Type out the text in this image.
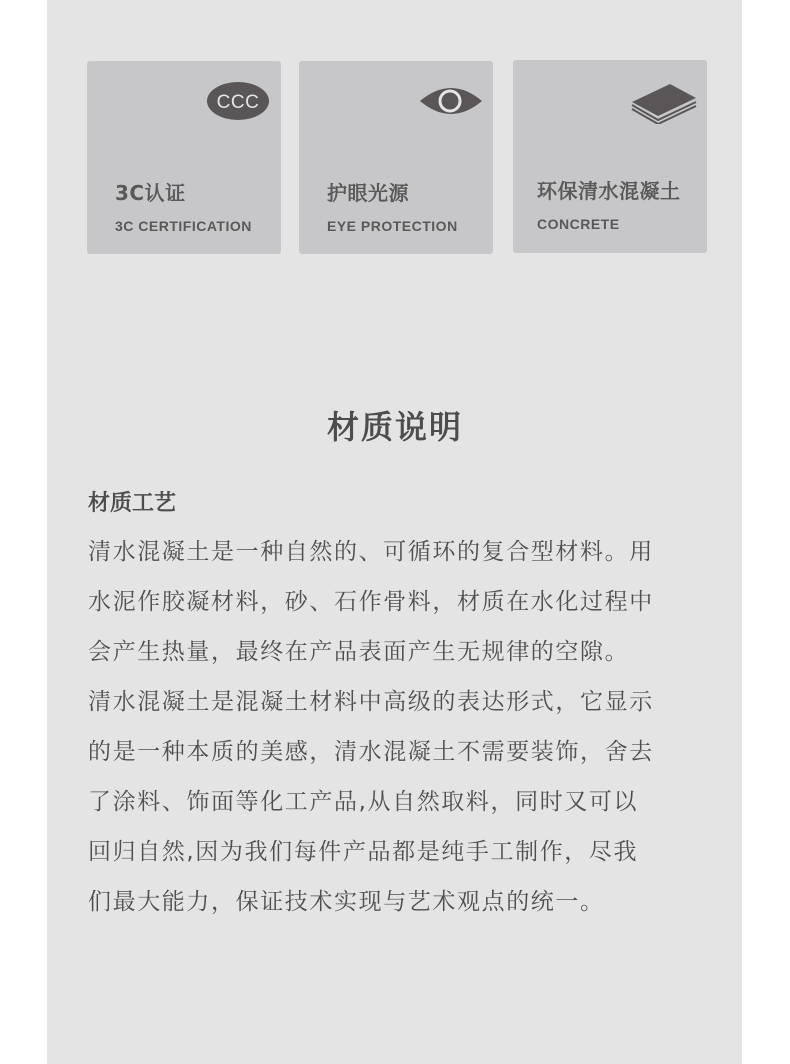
CCC
3C认证
3C CERTIFICATION
护眼光源
EYE PROTECTION
环保清水混凝土
CONCRETE
材质说明
材质工艺
清水混凝土是一种自然的、可循环的复合型材料。用
水泥作胶凝材料，砂、石作骨料，材质在水化过程中
会产生热量，最终在产品表面产生无规律的空隙。
清水混凝土是混凝土材料中高级的表达形式，它显示
的是一种本质的美感，清水混凝土不需要装饰，舍去
了涂料、饰面等化工产品,从自然取料，同时又可以
回归自然,因为我们每件产品都是纯手工制作，尽我
们最大能力，保证技术实现与艺术观点的统一。
